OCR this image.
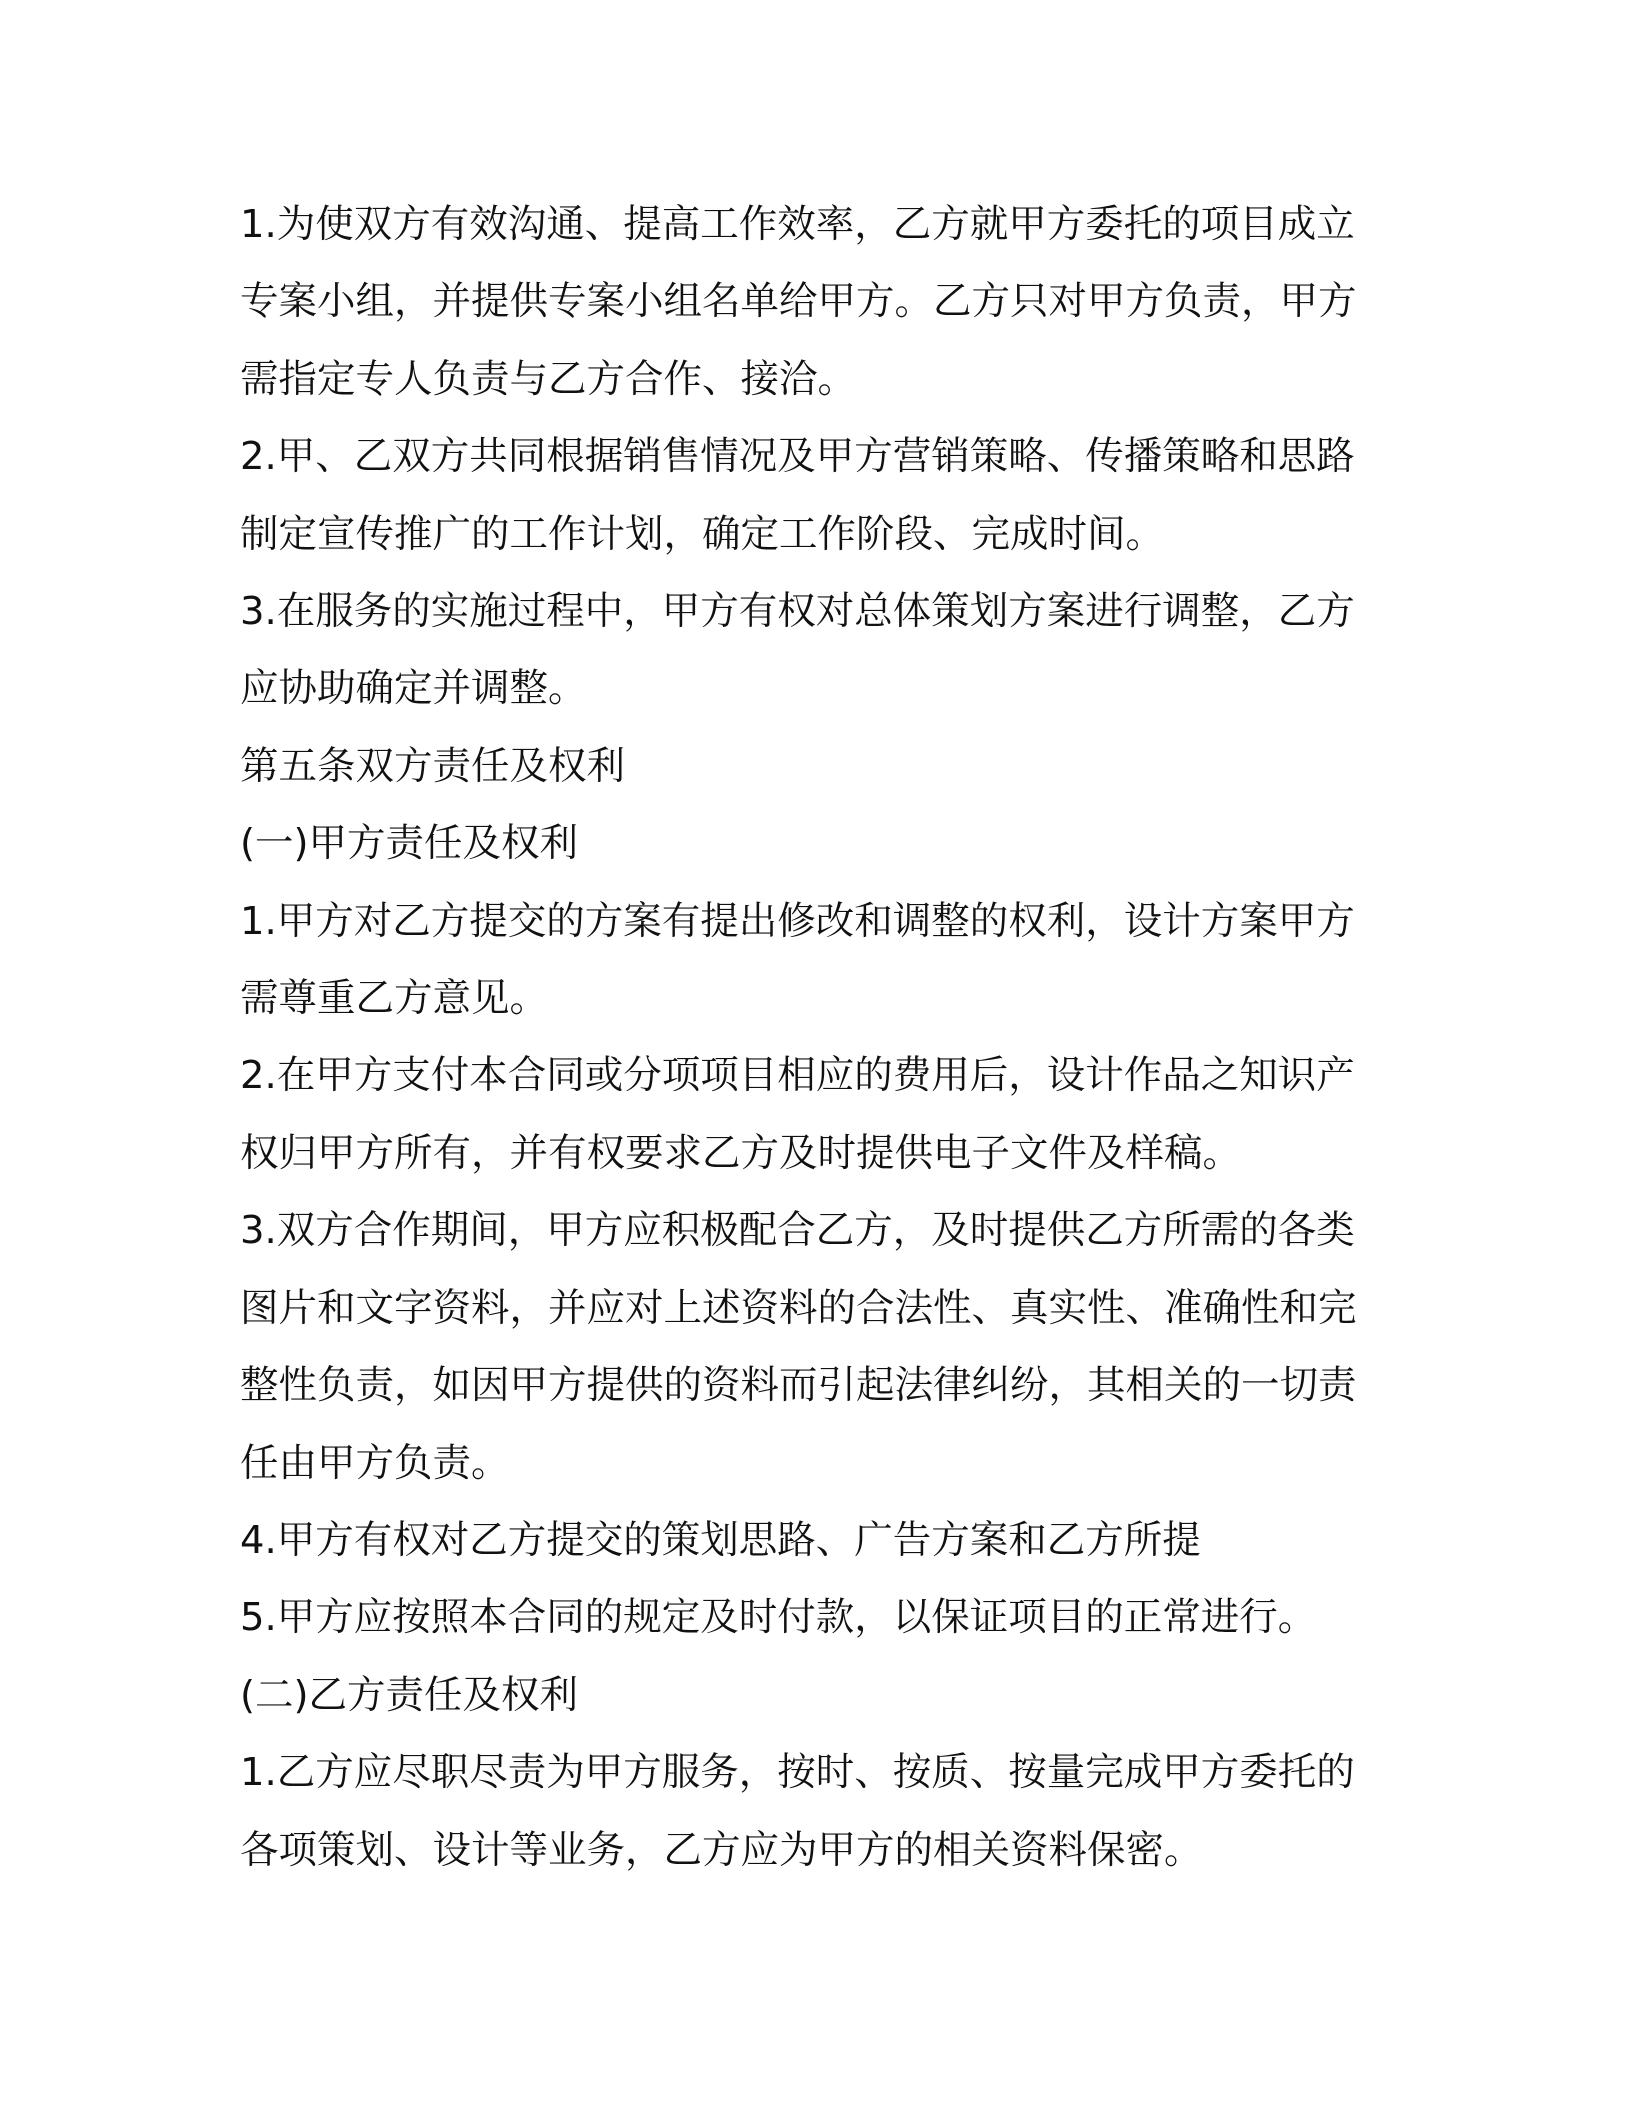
1.为使双方有效沟通、提高工作效率，乙方就甲方委托的项目成立专案小组，并提供专案小组名单给甲方。乙方只对甲方负责，甲方需指定专人负责与乙方合作、接洽。

2.甲、乙双方共同根据销售情况及甲方营销策略、传播策略和思路制定宣传推广的工作计划，确定工作阶段、完成时间。

3.在服务的实施过程中，甲方有权对总体策划方案进行调整，乙方应协助确定并调整。

第五条双方责任及权利

(一)甲方责任及权利

1.甲方对乙方提交的方案有提出修改和调整的权利，设计方案甲方需尊重乙方意见。

2.在甲方支付本合同或分项项目相应的费用后，设计作品之知识产权归甲方所有，并有权要求乙方及时提供电子文件及样稿。

3.双方合作期间，甲方应积极配合乙方，及时提供乙方所需的各类图片和文字资料，并应对上述资料的合法性、真实性、准确性和完整性负责，如因甲方提供的资料而引起法律纠纷，其相关的一切责任由甲方负责。

4.甲方有权对乙方提交的策划思路、广告方案和乙方所提

5.甲方应按照本合同的规定及时付款，以保证项目的正常进行。

(二)乙方责任及权利

1.乙方应尽职尽责为甲方服务，按时、按质、按量完成甲方委托的各项策划、设计等业务，乙方应为甲方的相关资料保密。
